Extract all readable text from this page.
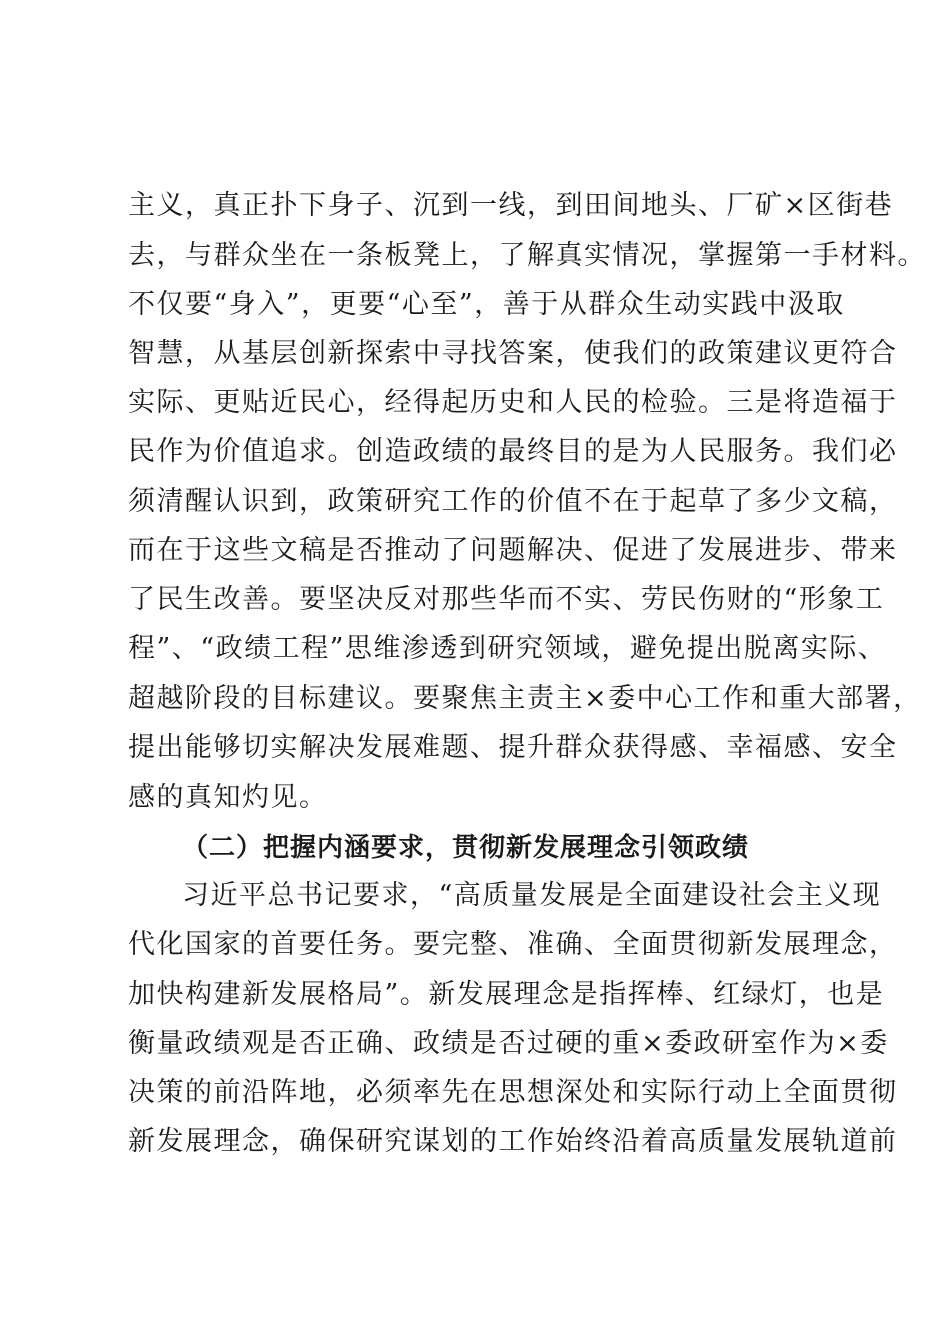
主义，真正扑下身子、沉到一线，到田间地头、厂矿×区街巷
去，与群众坐在一条板凳上，了解真实情况，掌握第一手材料。
不仅要“身入”，更要“心至”，善于从群众生动实践中汲取
智慧，从基层创新探索中寻找答案，使我们的政策建议更符合
实际、更贴近民心，经得起历史和人民的检验。三是将造福于
民作为价值追求。创造政绩的最终目的是为人民服务。我们必
须清醒认识到，政策研究工作的价值不在于起草了多少文稿，
而在于这些文稿是否推动了问题解决、促进了发展进步、带来
了民生改善。要坚决反对那些华而不实、劳民伤财的“形象工
程”、“政绩工程”思维渗透到研究领域，避免提出脱离实际、
超越阶段的目标建议。要聚焦主责主×委中心工作和重大部署，
提出能够切实解决发展难题、提升群众获得感、幸福感、安全
感的真知灼见。
（二）把握内涵要求，贯彻新发展理念引领政绩
习近平总书记要求，“高质量发展是全面建设社会主义现
代化国家的首要任务。要完整、准确、全面贯彻新发展理念，
加快构建新发展格局”。新发展理念是指挥棒、红绿灯，也是
衡量政绩观是否正确、政绩是否过硬的重×委政研室作为×委
决策的前沿阵地，必须率先在思想深处和实际行动上全面贯彻
新发展理念，确保研究谋划的工作始终沿着高质量发展轨道前
